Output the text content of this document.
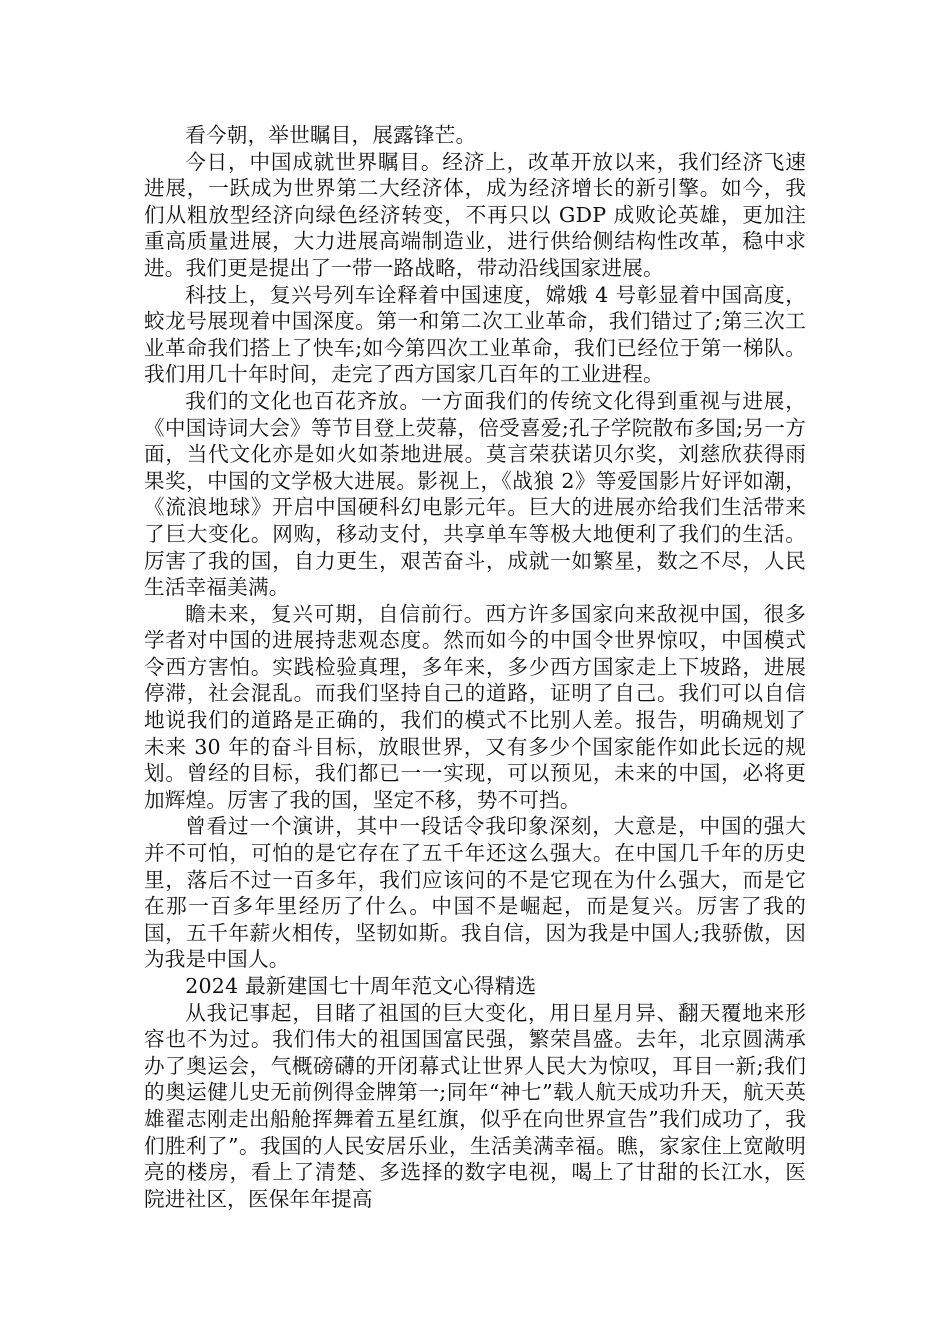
看今朝，举世瞩目，展露锋芒。

今日，中国成就世界瞩目。经济上，改革开放以来，我们经济飞速进展，一跃成为世界第二大经济体，成为经济增长的新引擎。如今，我们从粗放型经济向绿色经济转变，不再只以 GDP 成败论英雄，更加注重高质量进展，大力进展高端制造业，进行供给侧结构性改革，稳中求进。我们更是提出了一带一路战略，带动沿线国家进展。

科技上，复兴号列车诠释着中国速度，嫦娥 4 号彰显着中国高度，蛟龙号展现着中国深度。第一和第二次工业革命，我们错过了;第三次工业革命我们搭上了快车;如今第四次工业革命，我们已经位于第一梯队。我们用几十年时间，走完了西方国家几百年的工业进程。

我们的文化也百花齐放。一方面我们的传统文化得到重视与进展，《中国诗词大会》等节目登上荧幕，倍受喜爱;孔子学院散布多国;另一方面，当代文化亦是如火如荼地进展。莫言荣获诺贝尔奖，刘慈欣获得雨果奖，中国的文学极大进展。影视上，《战狼 2》等爱国影片好评如潮，《流浪地球》开启中国硬科幻电影元年。巨大的进展亦给我们生活带来了巨大变化。网购，移动支付，共享单车等极大地便利了我们的生活。厉害了我的国，自力更生，艰苦奋斗，成就一如繁星，数之不尽，人民生活幸福美满。

瞻未来，复兴可期，自信前行。西方许多国家向来敌视中国，很多学者对中国的进展持悲观态度。然而如今的中国令世界惊叹，中国模式令西方害怕。实践检验真理，多年来，多少西方国家走上下坡路，进展停滞，社会混乱。而我们坚持自己的道路，证明了自己。我们可以自信地说我们的道路是正确的，我们的模式不比别人差。报告，明确规划了未来 30 年的奋斗目标，放眼世界，又有多少个国家能作如此长远的规划。曾经的目标，我们都已一一实现，可以预见，未来的中国，必将更加辉煌。厉害了我的国，坚定不移，势不可挡。

曾看过一个演讲，其中一段话令我印象深刻，大意是，中国的强大并不可怕，可怕的是它存在了五千年还这么强大。在中国几千年的历史里，落后不过一百多年，我们应该问的不是它现在为什么强大，而是它在那一百多年里经历了什么。中国不是崛起，而是复兴。厉害了我的国，五千年薪火相传，坚韧如斯。我自信，因为我是中国人;我骄傲，因为我是中国人。

2024 最新建国七十周年范文心得精选

从我记事起，目睹了祖国的巨大变化，用日星月异、翻天覆地来形容也不为过。我们伟大的祖国国富民强，繁荣昌盛。去年，北京圆满承办了奥运会，气概磅礴的开闭幕式让世界人民大为惊叹，耳目一新;我们的奥运健儿史无前例得金牌第一;同年“神七”载人航天成功升天，航天英雄翟志刚走出船舱挥舞着五星红旗，似乎在向世界宣告”我们成功了，我们胜利了”。我国的人民安居乐业，生活美满幸福。瞧，家家住上宽敞明亮的楼房，看上了清楚、多选择的数字电视，喝上了甘甜的长江水，医院进社区，医保年年提高
